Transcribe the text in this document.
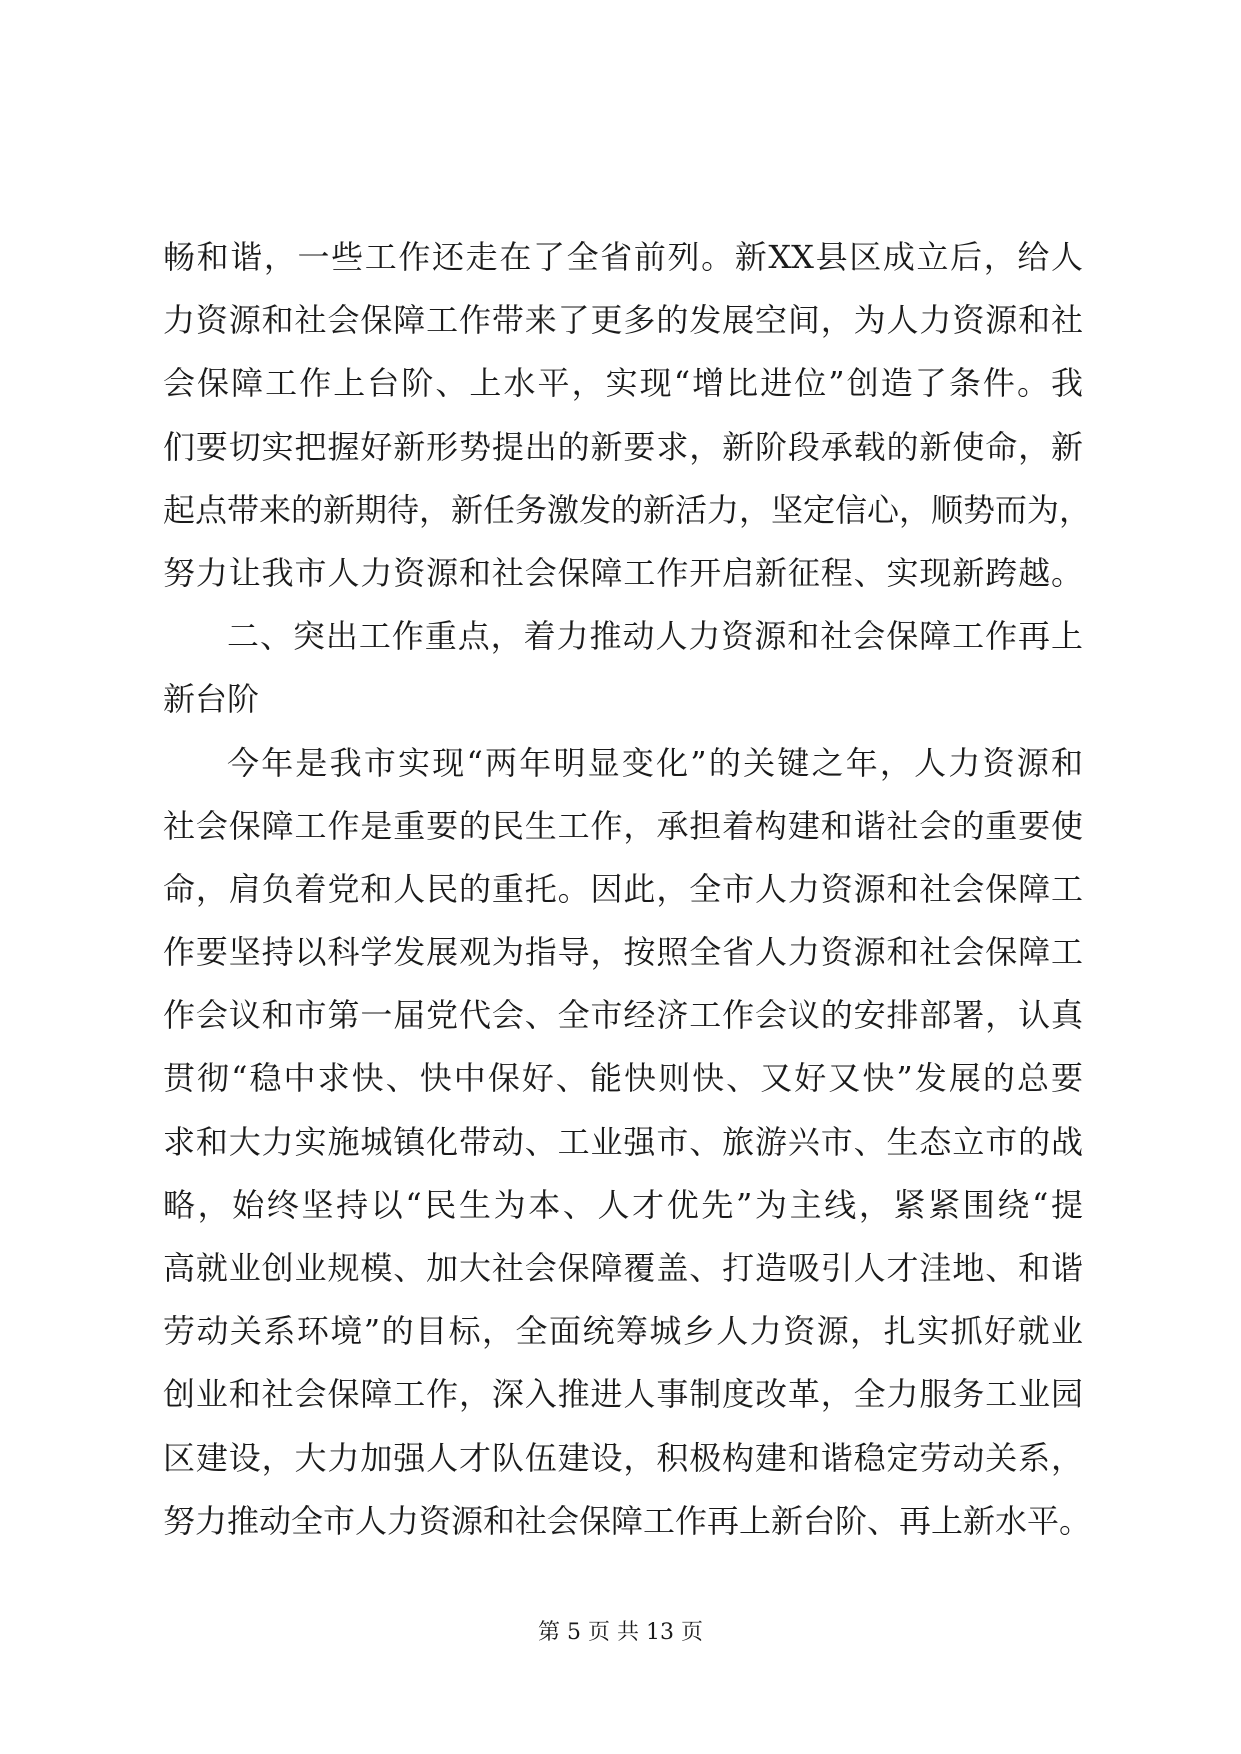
畅和谐，一些工作还走在了全省前列。新XX县区成立后，给人
力资源和社会保障工作带来了更多的发展空间，为人力资源和社
会保障工作上台阶、上水平，实现“增比进位”创造了条件。我
们要切实把握好新形势提出的新要求，新阶段承载的新使命，新
起点带来的新期待，新任务激发的新活力，坚定信心，顺势而为，
努力让我市人力资源和社会保障工作开启新征程、实现新跨越。
二、突出工作重点，着力推动人力资源和社会保障工作再上
新台阶
今年是我市实现“两年明显变化”的关键之年，人力资源和
社会保障工作是重要的民生工作，承担着构建和谐社会的重要使
命，肩负着党和人民的重托。因此，全市人力资源和社会保障工
作要坚持以科学发展观为指导，按照全省人力资源和社会保障工
作会议和市第一届党代会、全市经济工作会议的安排部署，认真
贯彻“稳中求快、快中保好、能快则快、又好又快”发展的总要
求和大力实施城镇化带动、工业强市、旅游兴市、生态立市的战
略，始终坚持以“民生为本、人才优先”为主线，紧紧围绕“提
高就业创业规模、加大社会保障覆盖、打造吸引人才洼地、和谐
劳动关系环境”的目标，全面统筹城乡人力资源，扎实抓好就业
创业和社会保障工作，深入推进人事制度改革，全力服务工业园
区建设，大力加强人才队伍建设，积极构建和谐稳定劳动关系，
努力推动全市人力资源和社会保障工作再上新台阶、再上新水平。
第 5 页 共 13 页
